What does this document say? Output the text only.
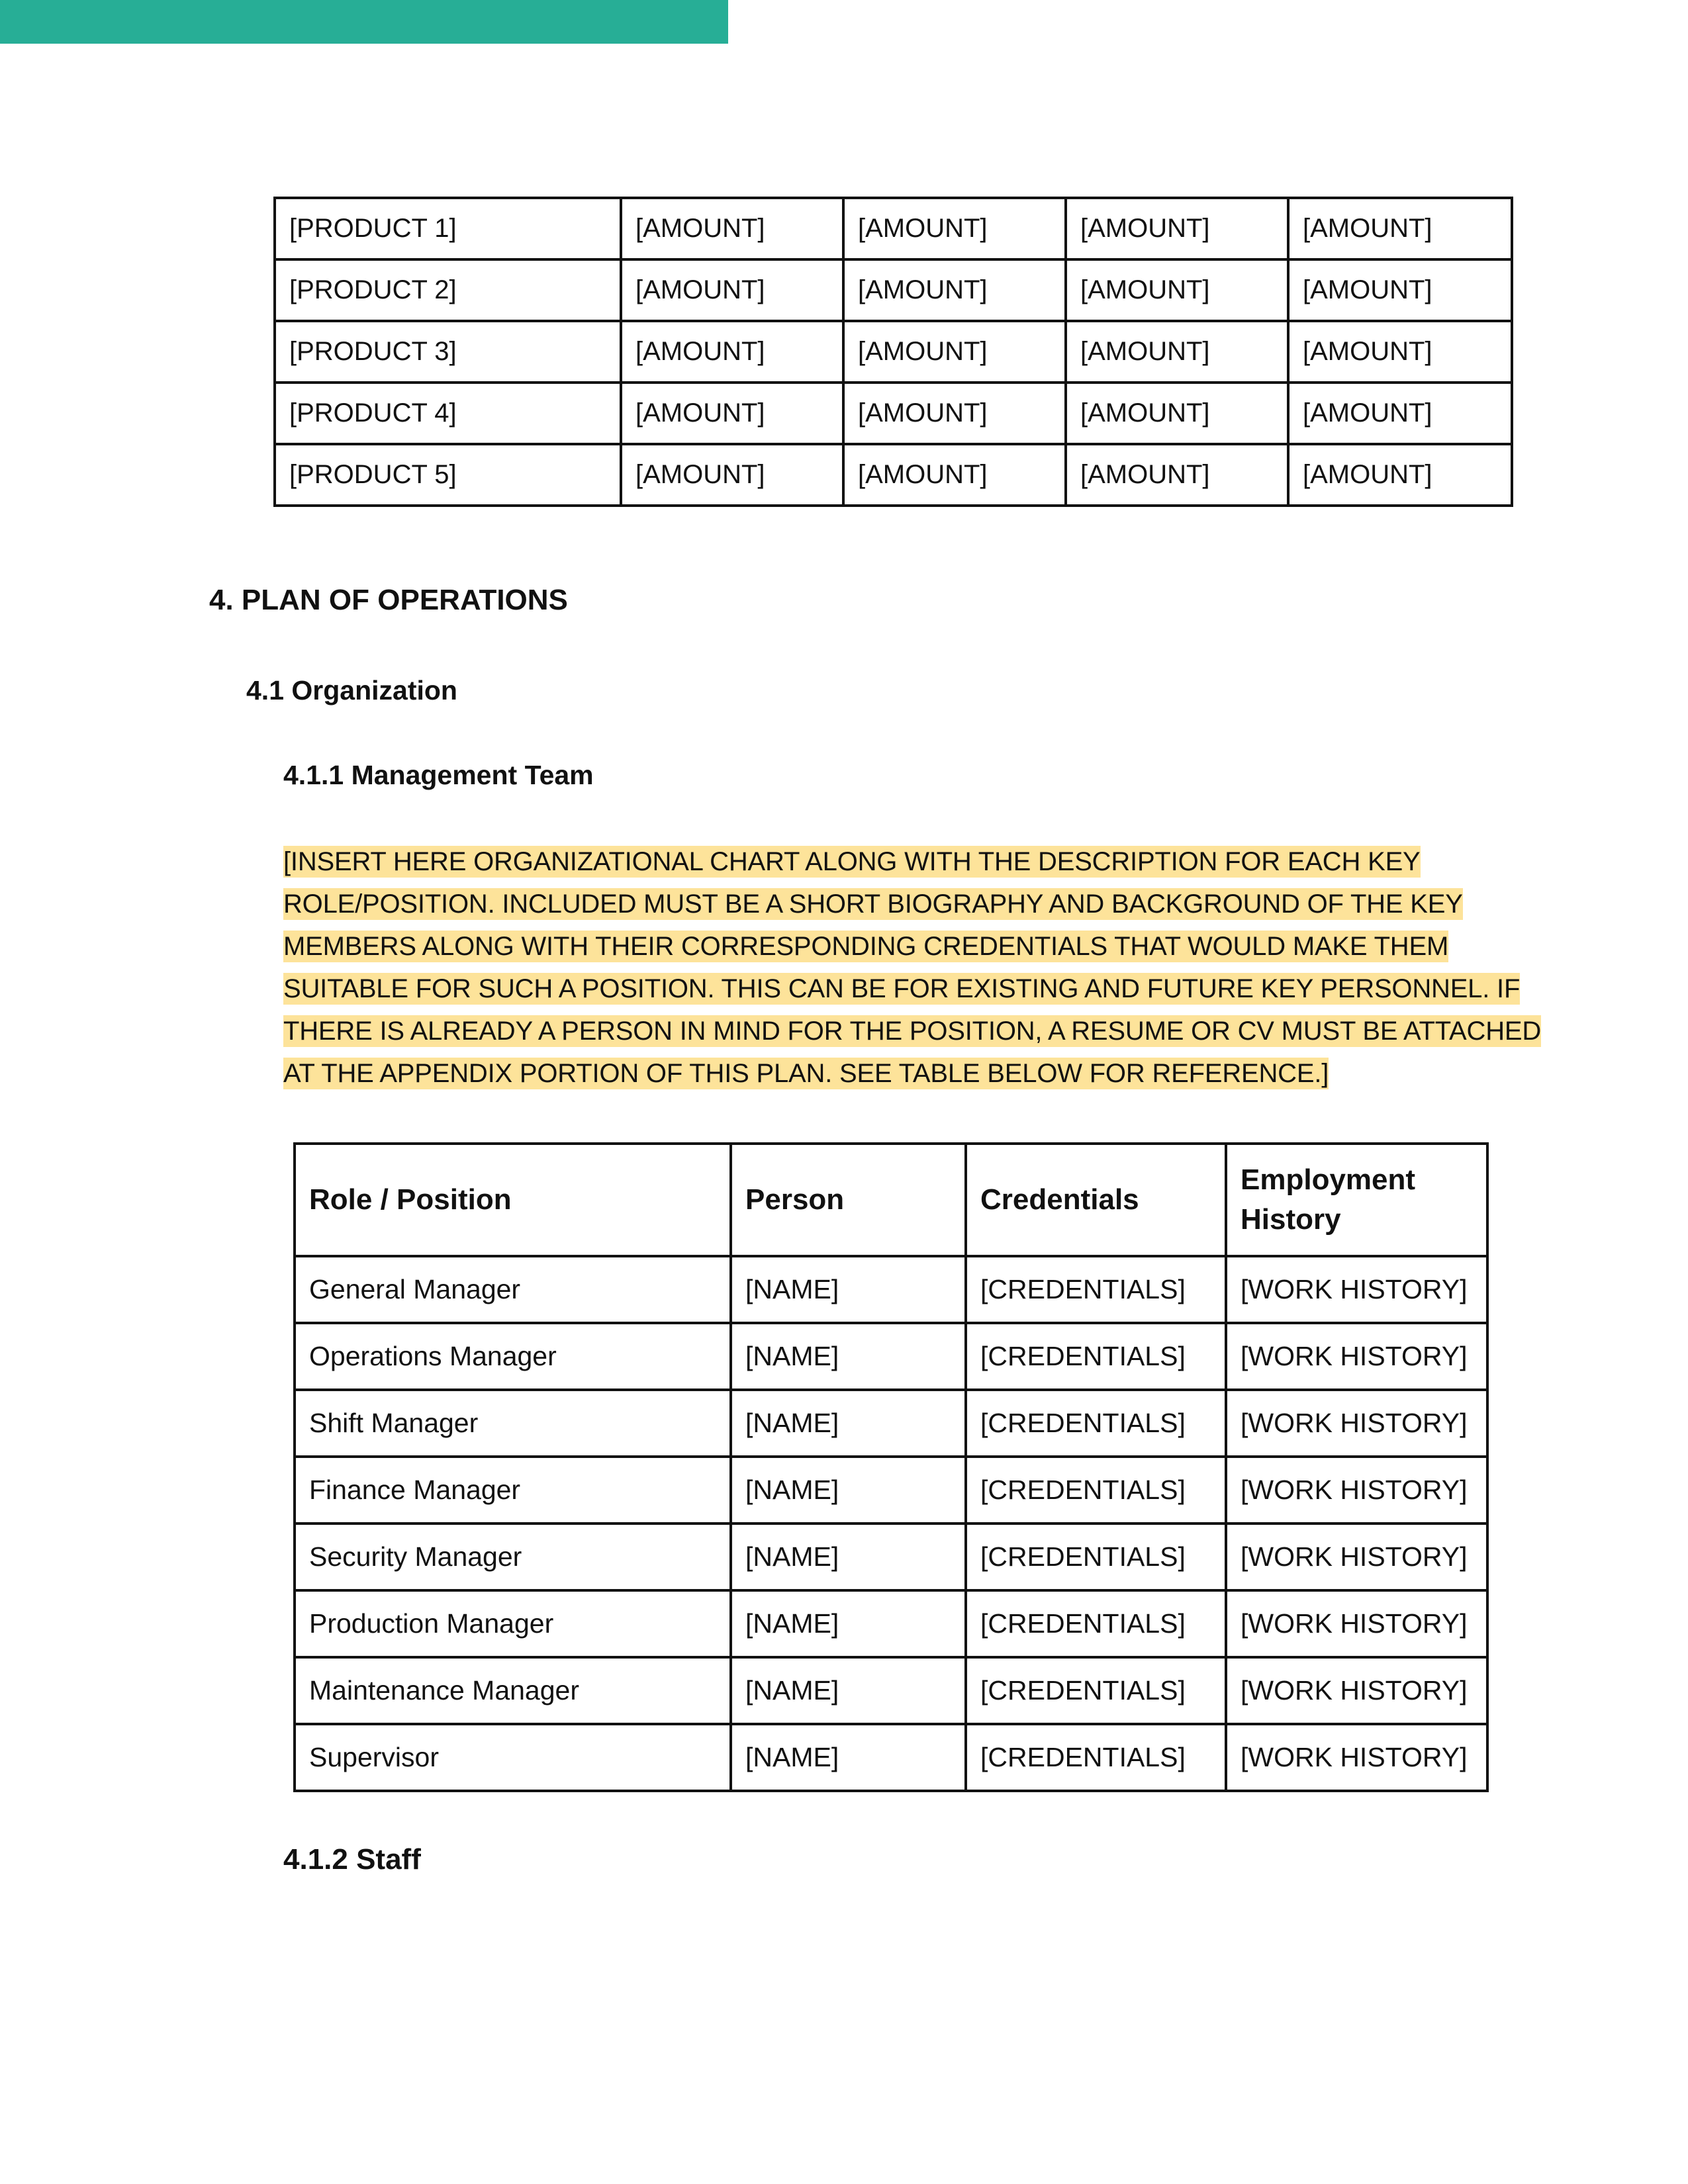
[PRODUCT 1]	[AMOUNT]	[AMOUNT]	[AMOUNT]	[AMOUNT]
[PRODUCT 2]	[AMOUNT]	[AMOUNT]	[AMOUNT]	[AMOUNT]
[PRODUCT 3]	[AMOUNT]	[AMOUNT]	[AMOUNT]	[AMOUNT]
[PRODUCT 4]	[AMOUNT]	[AMOUNT]	[AMOUNT]	[AMOUNT]
[PRODUCT 5]	[AMOUNT]	[AMOUNT]	[AMOUNT]	[AMOUNT]
4. PLAN OF OPERATIONS
4.1 Organization
4.1.1 Management Team

[INSERT HERE ORGANIZATIONAL CHART ALONG WITH THE DESCRIPTION FOR EACH KEY
ROLE/POSITION. INCLUDED MUST BE A SHORT BIOGRAPHY AND BACKGROUND OF THE KEY
MEMBERS ALONG WITH THEIR CORRESPONDING CREDENTIALS THAT WOULD MAKE THEM
SUITABLE FOR SUCH A POSITION. THIS CAN BE FOR EXISTING AND FUTURE KEY PERSONNEL. IF
THERE IS ALREADY A PERSON IN MIND FOR THE POSITION, A RESUME OR CV MUST BE ATTACHED
AT THE APPENDIX PORTION OF THIS PLAN. SEE TABLE BELOW FOR REFERENCE.]

Role / Position	Person	Credentials	Employment History
General Manager	[NAME]	[CREDENTIALS]	[WORK HISTORY]
Operations Manager	[NAME]	[CREDENTIALS]	[WORK HISTORY]
Shift Manager	[NAME]	[CREDENTIALS]	[WORK HISTORY]
Finance Manager	[NAME]	[CREDENTIALS]	[WORK HISTORY]
Security Manager	[NAME]	[CREDENTIALS]	[WORK HISTORY]
Production Manager	[NAME]	[CREDENTIALS]	[WORK HISTORY]
Maintenance Manager	[NAME]	[CREDENTIALS]	[WORK HISTORY]
Supervisor	[NAME]	[CREDENTIALS]	[WORK HISTORY]
4.1.2 Staff
